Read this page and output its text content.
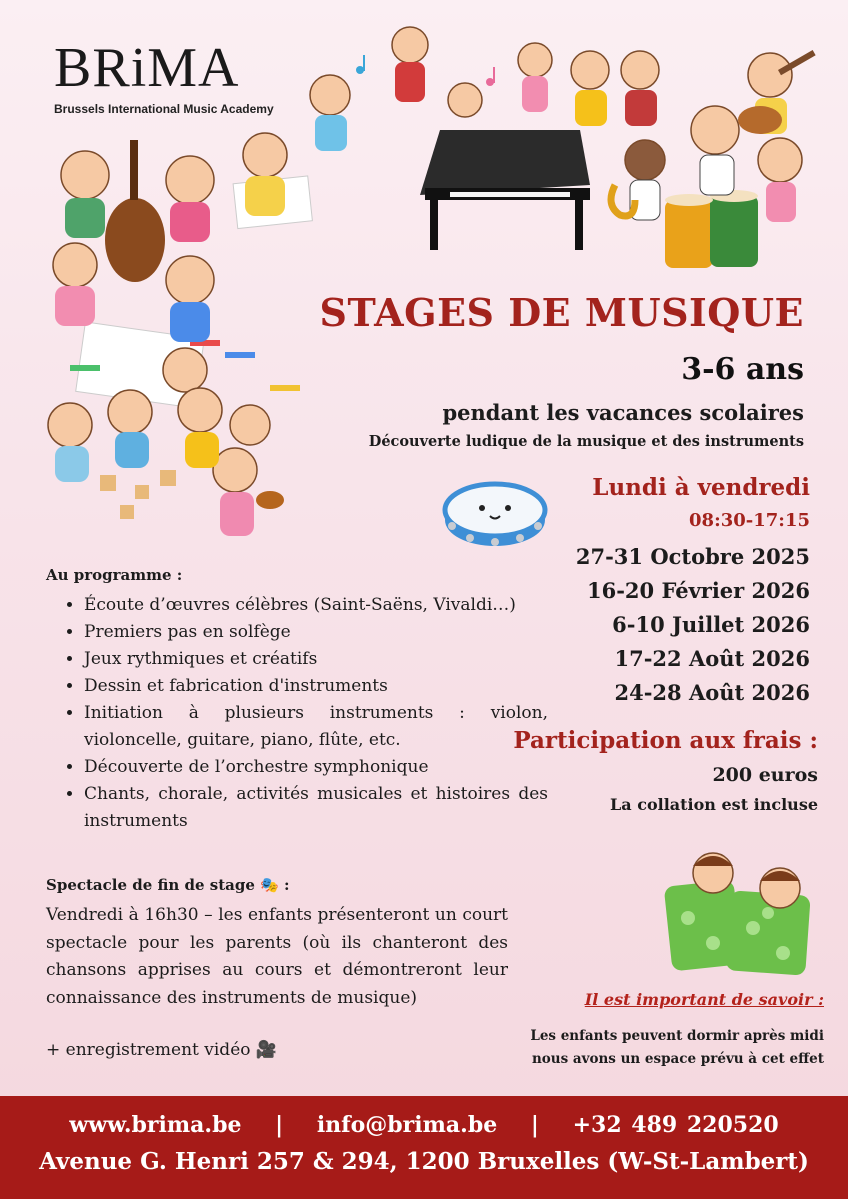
BRiMA
Brussels International Music Academy
STAGES DE MUSIQUE
3-6 ans
pendant les vacances scolaires
Découverte ludique de la musique et des instruments
Lundi à vendredi
08:30-17:15
27-31 Octobre 2025
16-20 Février 2026
6-10 Juillet 2026
17-22 Août 2026
24-28 Août 2026
Participation aux frais :
200 euros
La collation est incluse
Au programme :
• Écoute d’œuvres célèbres (Saint-Saëns, Vivaldi…)
• Premiers pas en solfège
• Jeux rythmiques et créatifs
• Dessin et fabrication d'instruments
• Initiation à plusieurs instruments : violon, violoncelle, guitare, piano, flûte, etc.
• Découverte de l’orchestre symphonique
• Chants, chorale, activités musicales et histoires des instruments
Spectacle de fin de stage 🎭 :
Vendredi à 16h30 – les enfants présenteront un court spectacle pour les parents (où ils chanteront des chansons apprises au cours et démontreront leur connaissance des instruments de musique)
+ enregistrement vidéo 🎥
Il est important de savoir :
Les enfants peuvent dormir après midi
nous avons un espace prévu à cet effet
www.brima.be | info@brima.be | +32 489 220520
Avenue G. Henri 257 & 294, 1200 Bruxelles (W-St-Lambert)
